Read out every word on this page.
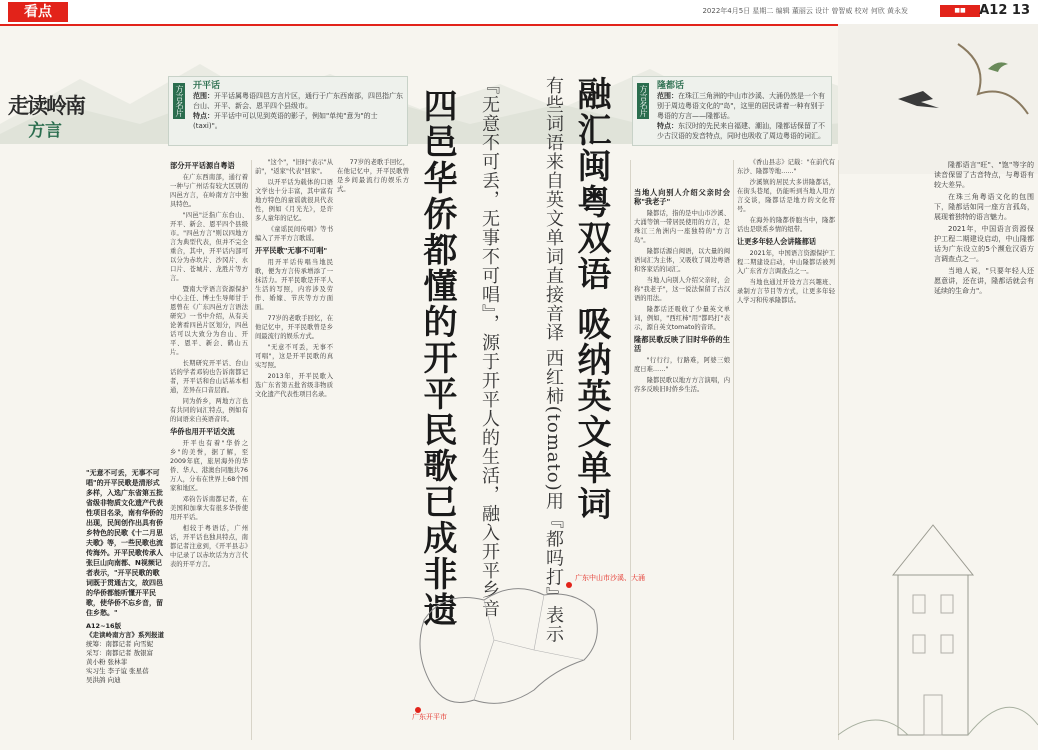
看点	2022年4月5日 星期二 编辑 董丽云 设计 曾智威 校对 何欣 黄永发	■■	A12 13
走读岭南
方言
方言名片 开平话
范围：开平话属粤语四邑方言片区，通行于广东西南部，四邑指广东台山、开平、新会、恩平四个县级市。
特点：开平话中可以见到英语的影子，例如"单纯"意为"的士(taxi)"。
方言名片 隆都话
范围：在珠江三角洲的中山市沙溪、大涌仍然是一个有别于周边粤语文化的"岛"，这里的居民讲着一种有别于粤语的方言——隆都话。
特点：东汉时的先民来自福建、潮汕，隆都话保留了不少古汉语的发音特点，同时也吸收了周边粤语的词汇。
融汇闽粤双语 吸纳英文单词
有些词语来自英文单词直接音译 西红柿(tomato)用『都吗打』表示
『无意不可丢，无事不可唱』，源于开平人的生活，融入开平乡音
四邑华侨都懂的开平民歌已成非遗
部分开平话源自粤语

在广东西南部，通行着一种与广州话有较大区别的四邑方言，在岭南方言中独具特色。

"四邑"泛指广东台山、开平、新会、恩平四个县级市。"四邑方言"则以四地方言为典型代表，但并不完全重合，其中，开平话内部可以分为赤坎片、沙冈片、水口片、苍城片、龙胜片等方言。

暨南大学语言资源保护中心主任、博士生导师甘于恩曾在《广东四邑方言语法研究》一书中介绍，从有关论著看四邑片区划分，四邑话可以大致分为台山、开平、恩平、新会、鹤山五片。

长期研究开平话、台山话的学者邓钧也告诉南都记者，开平话和台山话基本相通，差异在口音层面。

同为侨乡，两地方言也有共同的词汇特点，例如有的词语来自英语音译。

华侨也用开平话交流

开平也有着"华侨之乡"的美誉，据了解，至2009年底，旅居海外的华侨、华人、港澳台同胞共76万人，分布在世界上68个国家和地区。

邓钧告诉南都记者，在美国和加拿大有很多华侨使用开平话。

相较于粤语话，广州话，开平话也独具特点，南都记者注意到，《开平县志》中记录了以赤坎话为方言代表的开平方言。

"这个"，"旧时"表示"从前"，"返家"代表"回家"。

以开平话为载体的口语文学也十分丰富，其中富有地方特色的童谣就很具代表性，例如《月光光》，是许多人童年的记忆。

《童谣民间传唱》等书编入了开平方言歌谣。

开平民歌"无事不可唱"

用开平话传唱当地民歌，便为方言传承增添了一抹活力。开平民歌是开平人生活的写照，内容涉及劳作、婚嫁、节庆等方方面面。

77岁的老歌手回忆，在他记忆中，开平民歌曾是乡间最流行的娱乐方式。

"无意不可丢，无事不可唱"，这是开平民歌的真实写照。

2013年，开平民歌入选广东省第五批省级非物质文化遗产代表性项目名录。

77岁的老歌手回忆，在他记忆中，开平民歌曾是乡间最流行的娱乐方式。

广东中山市沙溪、大涌
广东开平市
当地人向别人介绍父亲时会称"我老子"

隆都话，指的是中山市沙溪、大涌等镇一带居民使用的方言，是珠江三角洲内一座独特的"方言岛"。

隆都话源自闽语，以大量的闽语词汇为主体，又吸收了周边粤语和客家话的词汇。

当地人向别人介绍父亲时，会称"我老子"，这一说法保留了古汉语的用法。

隆都话还吸收了少量英文单词，例如，"西红柿"用"都吗打"表示，源自英文tomato的音译。

隆都民歌反映了旧时华侨的生活

"行行行，行路难，阿婆三娘度日难……"

隆都民歌以地方方言演唱，内容多反映旧时侨乡生活。

《香山县志》记载："在前代有东沙、隆都等地……"

沙溪镇的居民大多讲隆都话，在街头巷尾，仍能听到当地人用方言交谈，隆都话是地方的文化符号。

在海外的隆都侨胞当中，隆都话也是联系乡情的纽带。

让更多年轻人会讲隆都话

2021年，中国语言资源保护工程二期建设启动，中山隆都话被列入广东省方言调查点之一。

当地也通过开设方言兴趣班、录制方言节目等方式，让更多年轻人学习和传承隆都话。

隆都语言"旺"、"饱"等字的读音保留了古音特点，与粤语有较大差异。

在珠三角粤语文化的包围下，隆都话如同一座方言孤岛，展现着独特的语言魅力。

2021年，中国语言资源保护工程二期建设启动，中山隆都话为广东设立的5个濒危汉语方言调查点之一。

当地人说，"只要年轻人还愿意讲，还在讲，隆都话就会有延续的生命力"。

"无意不可丢，无事不可唱"的开平民歌是清形式多样，入选广东省第五批省级非物质文化遗产代表性项目名录，南有华侨的出现，民间创作出具有侨乡特色的民歌《十二月思夫歌》等，一些民歌也流传海外。开平民歌传承人张巨山向南都、N视频记者表示，"开平民歌的歌词既于贯通古文，故四邑的华侨都能听懂开平民歌，使华侨不忘乡音，留住乡愁。"
A12~16版
《走读岭南方言》系列报道
统筹：南都记者 向雪妮
采写：南都记者 敖银富
黄小粉 张林菲
实习生 李子谊 张星蓓
吴洪鸽 向迪
